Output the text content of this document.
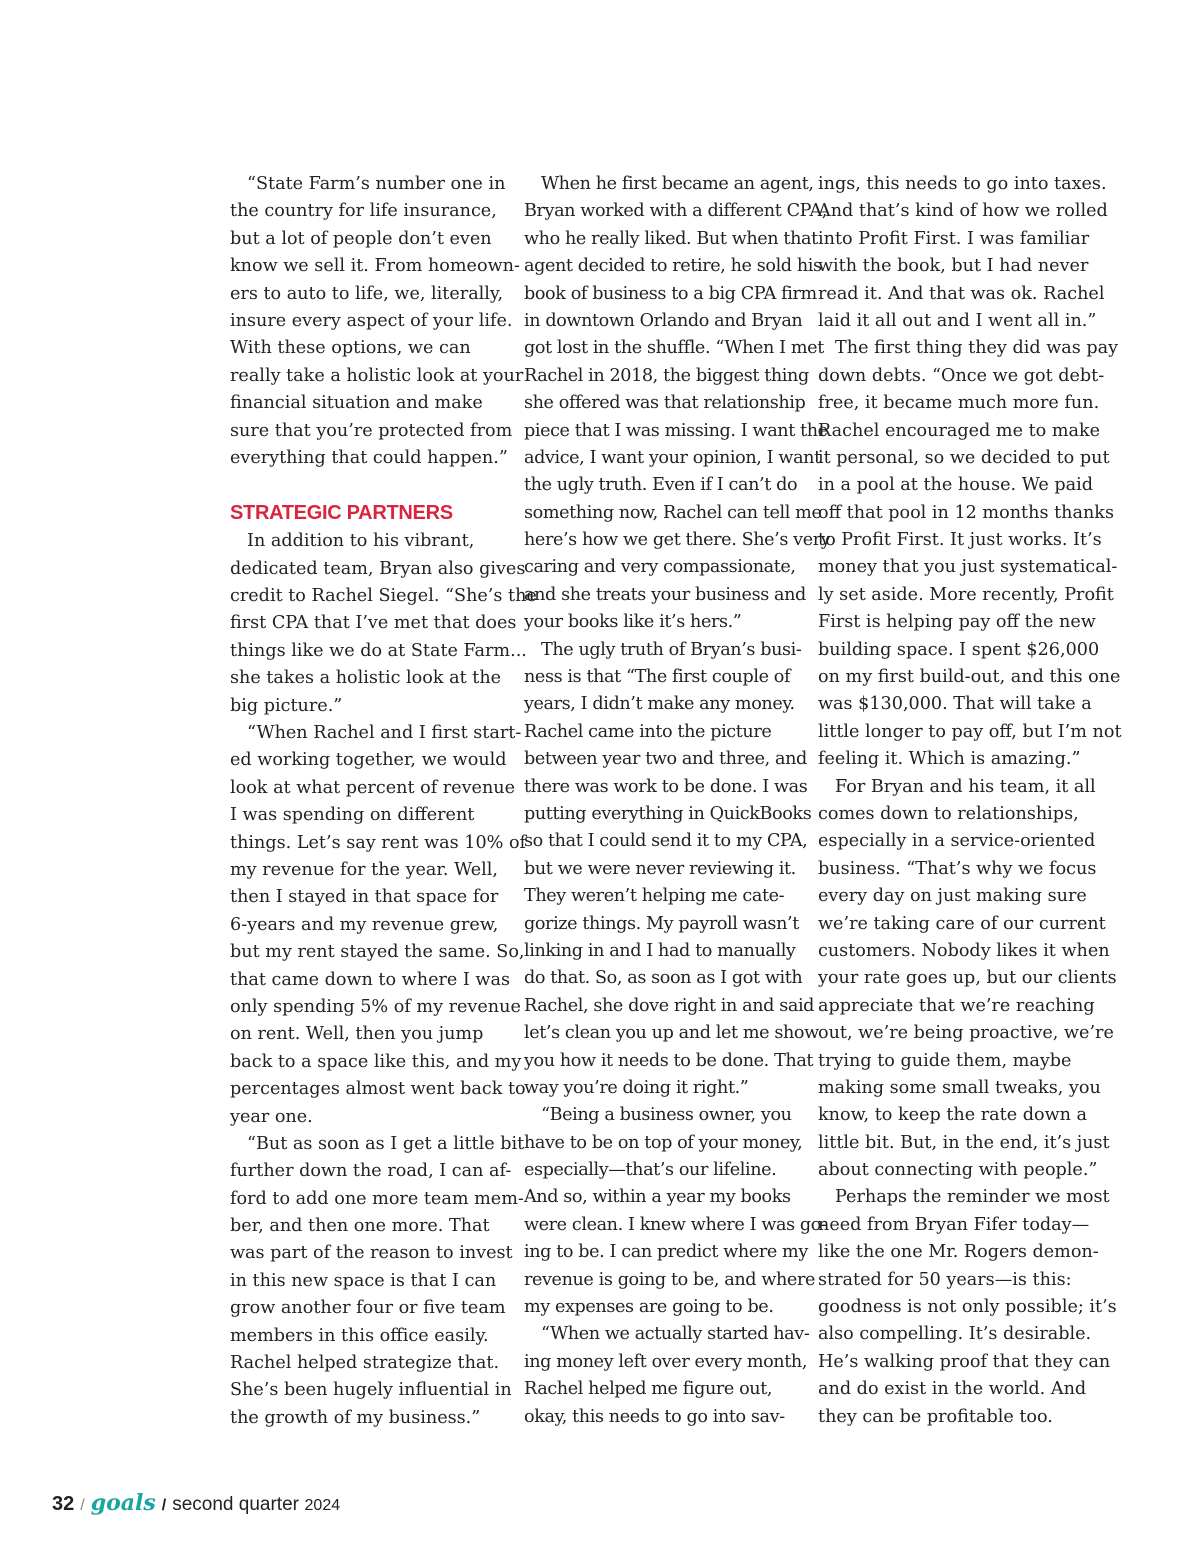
“State Farm’s number one in
the country for life insurance,
but a lot of people don’t even
know we sell it. From homeown-
ers to auto to life, we, literally,
insure every aspect of your life.
With these options, we can
really take a holistic look at your
financial situation and make
sure that you’re protected from
everything that could happen.”

STRATEGIC PARTNERS

In addition to his vibrant,
dedicated team, Bryan also gives
credit to Rachel Siegel. “She’s the
first CPA that I’ve met that does
things like we do at State Farm...
she takes a holistic look at the
big picture.”

“When Rachel and I first start-
ed working together, we would
look at what percent of revenue
I was spending on different
things. Let’s say rent was 10% of
my revenue for the year. Well,
then I stayed in that space for
6-years and my revenue grew,
but my rent stayed the same. So,
that came down to where I was
only spending 5% of my revenue
on rent. Well, then you jump
back to a space like this, and my
percentages almost went back to
year one.

“But as soon as I get a little bit
further down the road, I can af-
ford to add one more team mem-
ber, and then one more. That
was part of the reason to invest
in this new space is that I can
grow another four or five team
members in this office easily.
Rachel helped strategize that.
She’s been hugely influential in
the growth of my business.”

When he first became an agent,
Bryan worked with a different CPA,
who he really liked. But when that
agent decided to retire, he sold his
book of business to a big CPA firm
in downtown Orlando and Bryan
got lost in the shuffle. “When I met
Rachel in 2018, the biggest thing
she offered was that relationship
piece that I was missing. I want the
advice, I want your opinion, I want
the ugly truth. Even if I can’t do
something now, Rachel can tell me
here’s how we get there. She’s very
caring and very compassionate,
and she treats your business and
your books like it’s hers.”

The ugly truth of Bryan’s busi-
ness is that “The first couple of
years, I didn’t make any money.
Rachel came into the picture
between year two and three, and
there was work to be done. I was
putting everything in QuickBooks
so that I could send it to my CPA,
but we were never reviewing it.
They weren’t helping me cate-
gorize things. My payroll wasn’t
linking in and I had to manually
do that. So, as soon as I got with
Rachel, she dove right in and said
let’s clean you up and let me show
you how it needs to be done. That
way you’re doing it right.”

“Being a business owner, you
have to be on top of your money,
especially—that’s our lifeline.
And so, within a year my books
were clean. I knew where I was go-
ing to be. I can predict where my
revenue is going to be, and where
my expenses are going to be.

“When we actually started hav-
ing money left over every month,
Rachel helped me figure out,
okay, this needs to go into sav-

ings, this needs to go into taxes.
And that’s kind of how we rolled
into Profit First. I was familiar
with the book, but I had never
read it. And that was ok. Rachel
laid it all out and I went all in.”

The first thing they did was pay
down debts. “Once we got debt-
free, it became much more fun.
Rachel encouraged me to make
it personal, so we decided to put
in a pool at the house. We paid
off that pool in 12 months thanks
to Profit First. It just works. It’s
money that you just systematical-
ly set aside. More recently, Profit
First is helping pay off the new
building space. I spent $26,000
on my first build-out, and this one
was $130,000. That will take a
little longer to pay off, but I’m not
feeling it. Which is amazing.”

For Bryan and his team, it all
comes down to relationships,
especially in a service-oriented
business. “That’s why we focus
every day on just making sure
we’re taking care of our current
customers. Nobody likes it when
your rate goes up, but our clients
appreciate that we’re reaching
out, we’re being proactive, we’re
trying to guide them, maybe
making some small tweaks, you
know, to keep the rate down a
little bit. But, in the end, it’s just
about connecting with people.”

Perhaps the reminder we most
need from Bryan Fifer today—
like the one Mr. Rogers demon-
strated for 50 years—is this:
goodness is not only possible; it’s
also compelling. It’s desirable.
He’s walking proof that they can
and do exist in the world. And
they can be profitable too.

32 / goals / second quarter 2024
